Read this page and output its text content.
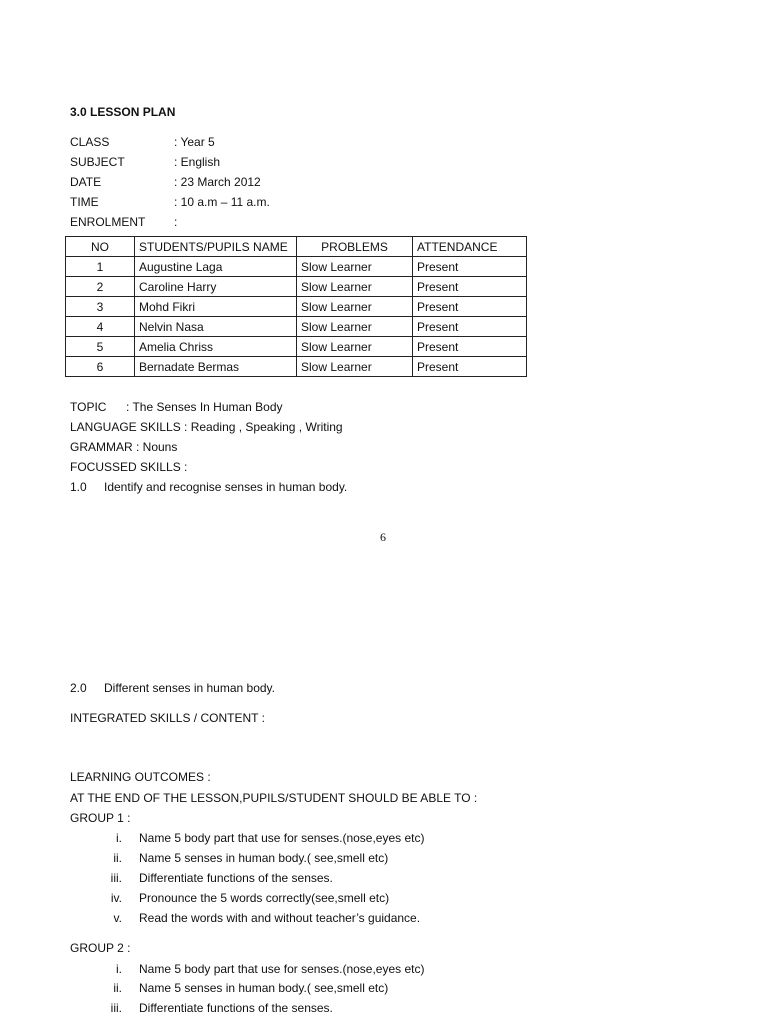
3.0 LESSON PLAN
CLASS	: Year 5
SUBJECT	: English
DATE	: 23 March 2012
TIME	: 10 a.m – 11 a.m.
ENROLMENT :
NO	STUDENTS/PUPILS NAME	PROBLEMS	ATTENDANCE
1	Augustine Laga	Slow Learner	Present
2	Caroline Harry	Slow Learner	Present
3	Mohd Fikri	Slow Learner	Present
4	Nelvin Nasa	Slow Learner	Present
5	Amelia Chriss	Slow Learner	Present
6	Bernadate Bermas	Slow Learner	Present
TOPIC : The Senses In Human Body
LANGUAGE SKILLS : Reading , Speaking , Writing
GRAMMAR : Nouns
FOCUSSED SKILLS :
1.0 Identify and recognise senses in human body.
6
2.0 Different senses in human body.
INTEGRATED SKILLS / CONTENT :
LEARNING OUTCOMES :
AT THE END OF THE LESSON,PUPILS/STUDENT SHOULD BE ABLE TO :
GROUP 1 :
i. Name 5 body part that use for senses.(nose,eyes etc)
ii. Name 5 senses in human body.( see,smell etc)
iii. Differentiate functions of the senses.
iv. Pronounce the 5 words correctly(see,smell etc)
v. Read the words with and without teacher’s guidance.
GROUP 2 :
i. Name 5 body part that use for senses.(nose,eyes etc)
ii. Name 5 senses in human body.( see,smell etc)
iii. Differentiate functions of the senses.
